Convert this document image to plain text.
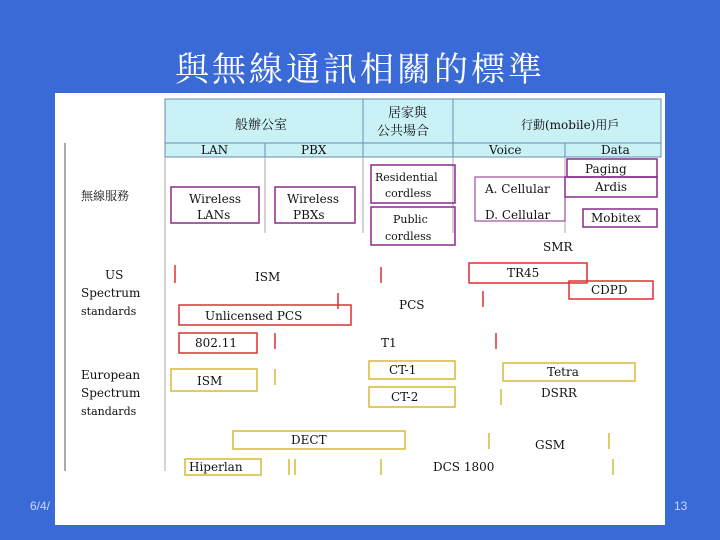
與無線通訊相關的標準
般辦公室
居家與
公共場合	行動(mobile)用戶
LAN	PBX	Voice	Data
無線服務
US
Spectrum
standards
European
Spectrum
standards
Wireless
LANs
Wireless
PBXs
Residential
cordless
Public
cordless
Paging
A. Cellular
D. Cellular
Ardis
Mobitex
SMR
ISM	TR45
CDPD
Unlicensed PCS
PCS
802.11	T1
ISM
CT-1	Tetra
CT-2	DSRR
DECT	GSM
Hiperlan	DCS 1800
6/4/	13
